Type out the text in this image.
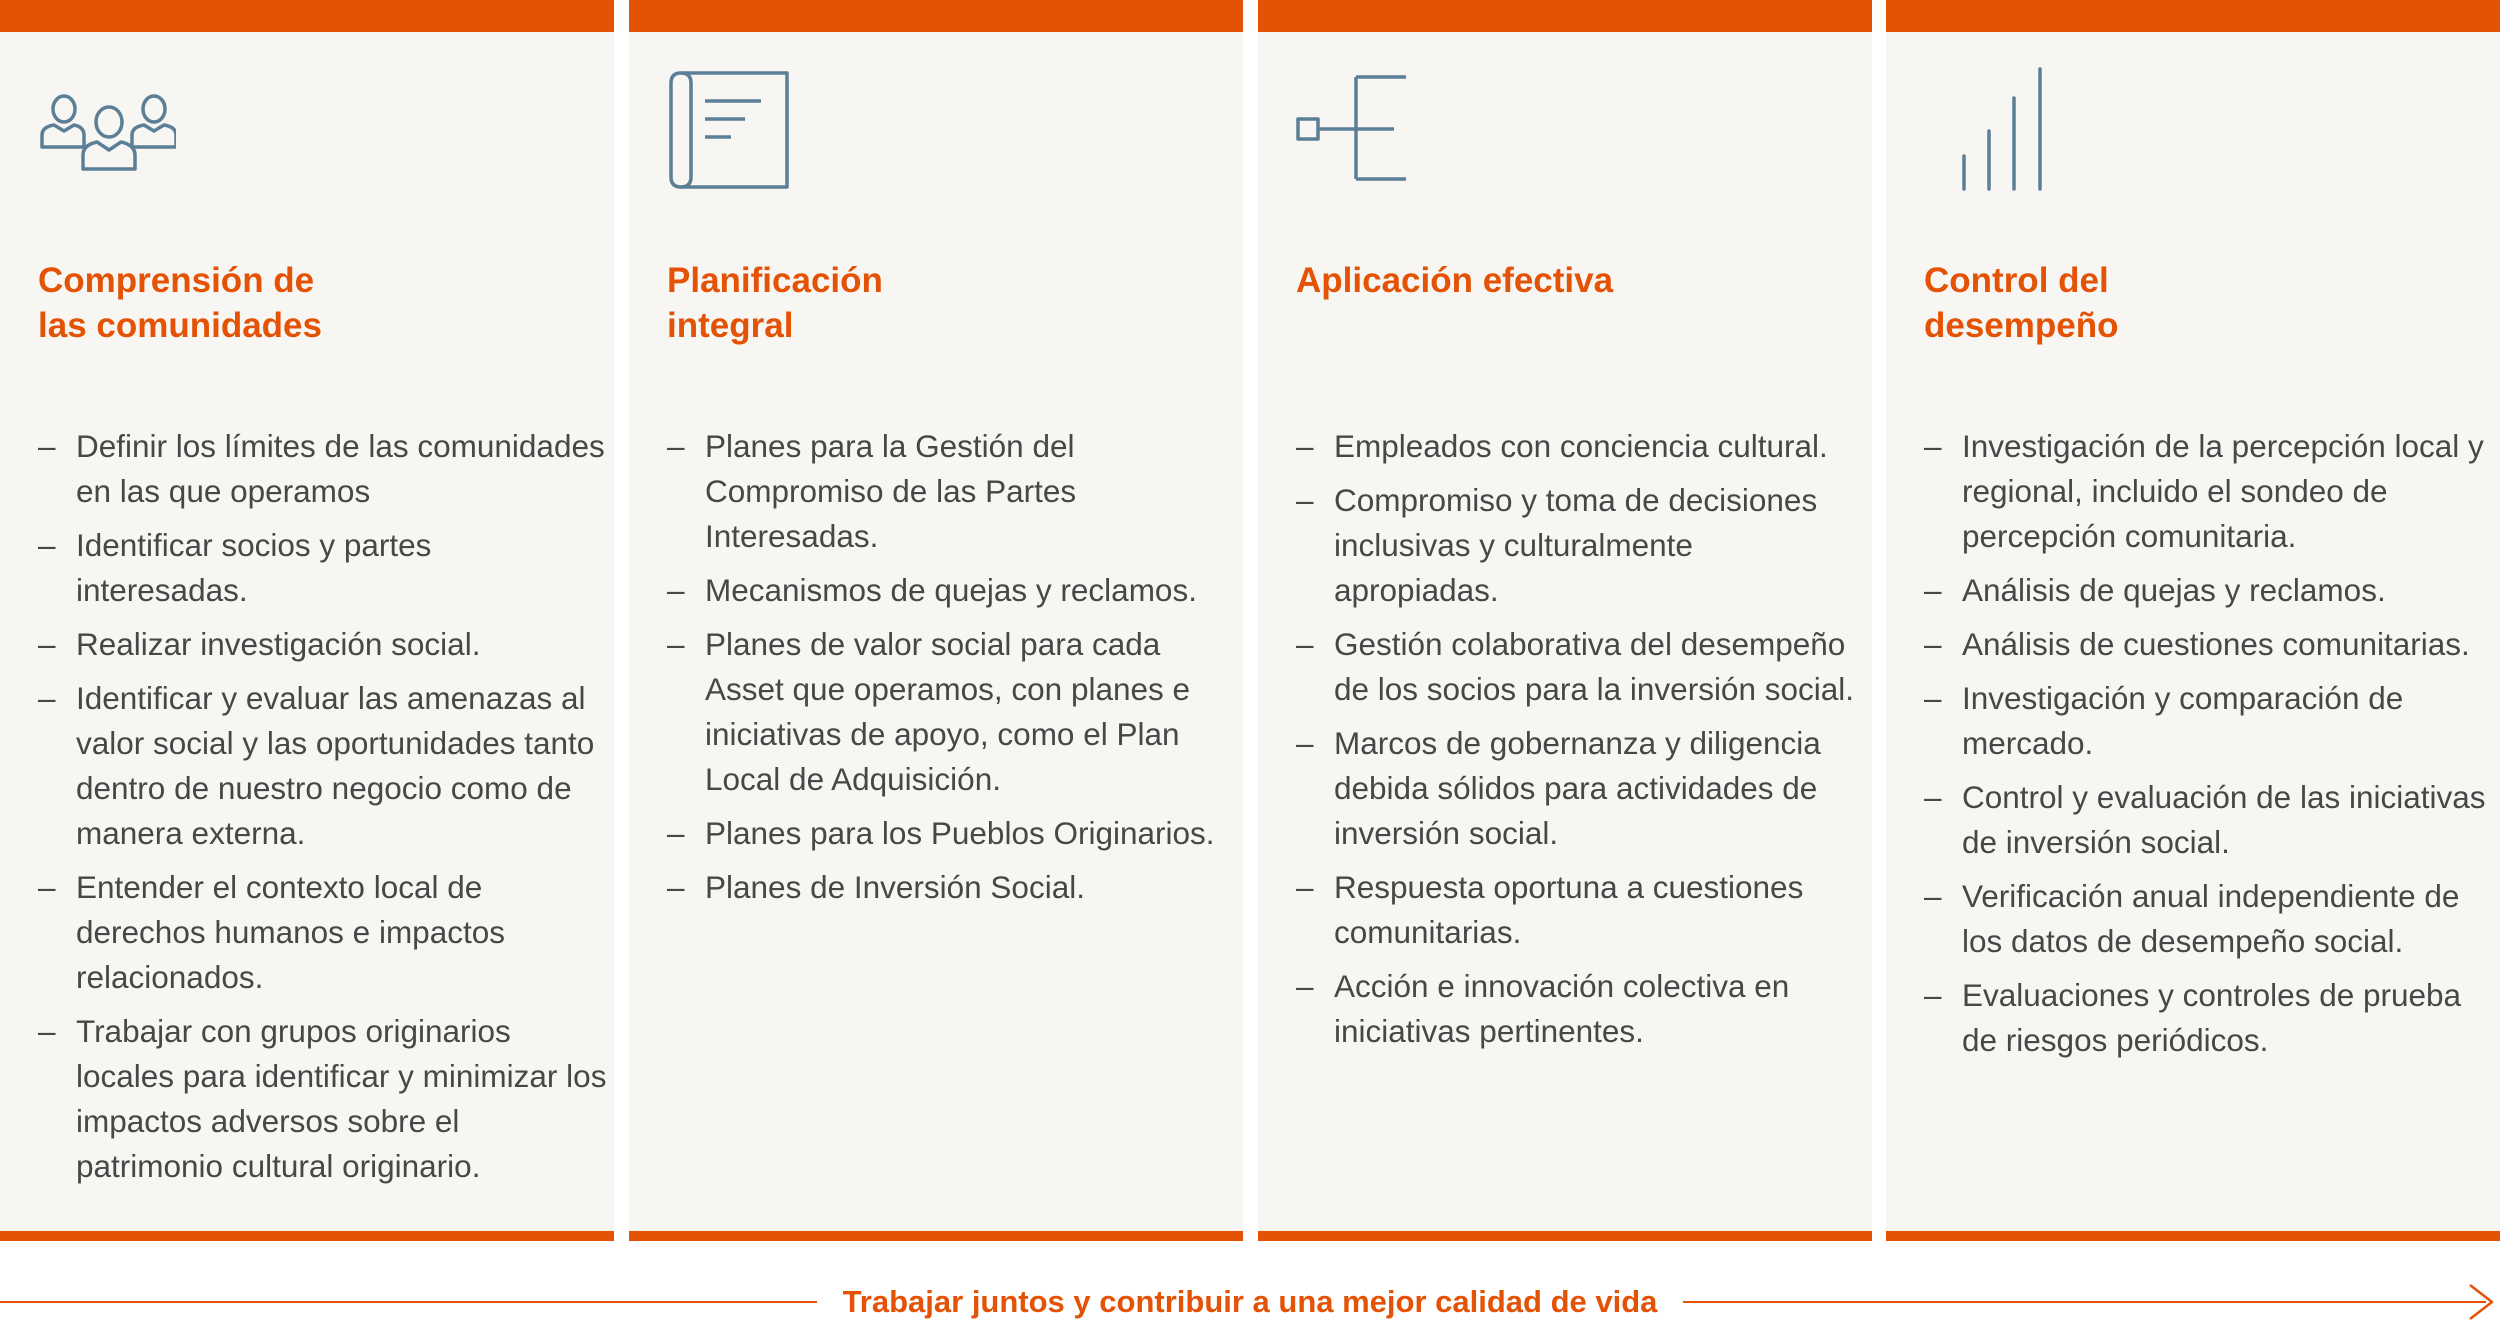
Comprensión de
las comunidades
– Definir los límites de las comunidades en las que operamos
– Identificar socios y partes interesadas.
– Realizar investigación social.
– Identificar y evaluar las amenazas al valor social y las oportunidades tanto dentro de nuestro negocio como de manera externa.
– Entender el contexto local de derechos humanos e impactos relacionados.
– Trabajar con grupos originarios locales para identificar y minimizar los impactos adversos sobre el patrimonio cultural originario.
Planificación
integral
– Planes para la Gestión del Compromiso de las Partes Interesadas.
– Mecanismos de quejas y reclamos.
– Planes de valor social para cada Asset que operamos, con planes e iniciativas de apoyo, como el Plan Local de Adquisición.
– Planes para los Pueblos Originarios.
– Planes de Inversión Social.
Aplicación efectiva

– Empleados con conciencia cultural.
– Compromiso y toma de decisiones inclusivas y culturalmente apropiadas.
– Gestión colaborativa del desempeño de los socios para la inversión social.
– Marcos de gobernanza y diligencia debida sólidos para actividades de inversión social.
– Respuesta oportuna a cuestiones comunitarias.
– Acción e innovación colectiva en iniciativas pertinentes.
Control del
desempeño
– Investigación de la percepción local y regional, incluido el sondeo de percepción comunitaria.
– Análisis de quejas y reclamos.
– Análisis de cuestiones comunitarias.
– Investigación y comparación de mercado.
– Control y evaluación de las iniciativas de inversión social.
– Verificación anual independiente de los datos de desempeño social.
– Evaluaciones y controles de prueba de riesgos periódicos.
Trabajar juntos y contribuir a una mejor calidad de vida
